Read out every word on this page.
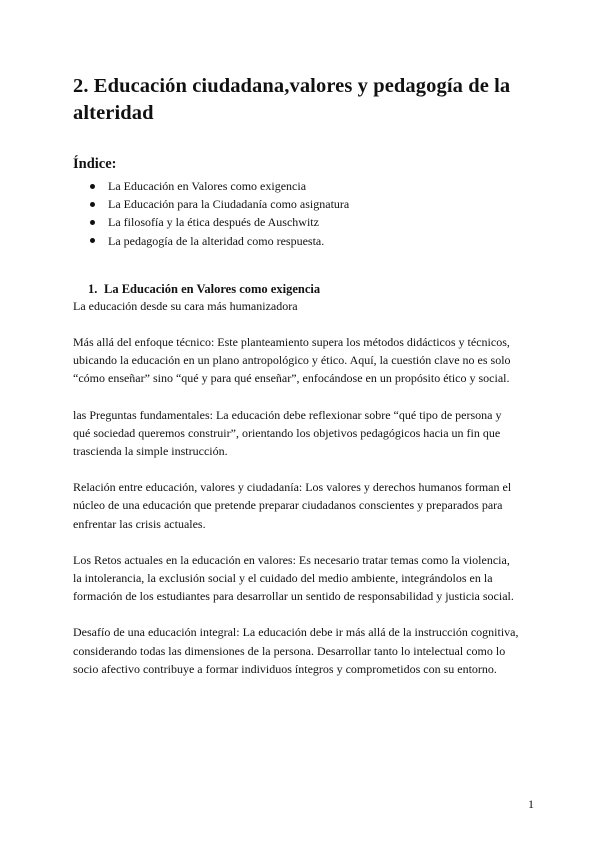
2. Educación ciudadana,valores y pedagogía de la alteridad
Índice:
La Educación en Valores como exigencia
La Educación para la Ciudadanía como asignatura
La filosofía y la ética después de Auschwitz
La pedagogía de la alteridad como respuesta.
1. La Educación en Valores como exigencia

La educación desde su cara más humanizadora

Más allá del enfoque técnico: Este planteamiento supera los métodos didácticos y técnicos, ubicando la educación en un plano antropológico y ético. Aquí, la cuestión clave no es solo “cómo enseñar” sino “qué y para qué enseñar”, enfocándose en un propósito ético y social.

las Preguntas fundamentales: La educación debe reflexionar sobre “qué tipo de persona y qué sociedad queremos construir”, orientando los objetivos pedagógicos hacia un fin que trascienda la simple instrucción.

Relación entre educación, valores y ciudadanía: Los valores y derechos humanos forman el núcleo de una educación que pretende preparar ciudadanos conscientes y preparados para enfrentar las crisis actuales.

Los Retos actuales en la educación en valores: Es necesario tratar temas como la violencia, la intolerancia, la exclusión social y el cuidado del medio ambiente, integrándolos en la formación de los estudiantes para desarrollar un sentido de responsabilidad y justicia social.

Desafío de una educación integral: La educación debe ir más allá de la instrucción cognitiva, considerando todas las dimensiones de la persona. Desarrollar tanto lo intelectual como lo socio afectivo contribuye a formar individuos íntegros y comprometidos con su entorno.

1
